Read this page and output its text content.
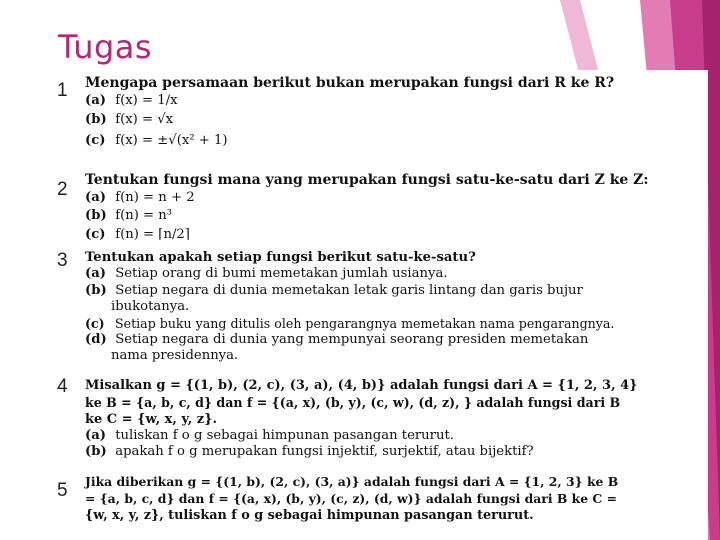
Tugas
1
2
3
4
5
Mengapa persamaan berikut bukan merupakan fungsi dari R ke R?
(a) f(x) = 1/x
(b) f(x) = √x
(c) f(x) = ±√(x² + 1)
Tentukan fungsi mana yang merupakan fungsi satu-ke-satu dari Z ke Z:
(a) f(n) = n + 2
(b) f(n) = n³
(c) f(n) = ⌈n/2⌉
Tentukan apakah setiap fungsi berikut satu-ke-satu?
(a) Setiap orang di bumi memetakan jumlah usianya.
(b) Setiap negara di dunia memetakan letak garis lintang dan garis bujur
ibukotanya.
(c) Setiap buku yang ditulis oleh pengarangnya memetakan nama pengarangnya.
(d) Setiap negara di dunia yang mempunyai seorang presiden memetakan
nama presidennya.
Misalkan g = {(1, b), (2, c), (3, a), (4, b)} adalah fungsi dari A = {1, 2, 3, 4}
ke B = {a, b, c, d} dan f = {(a, x), (b, y), (c, w), (d, z), } adalah fungsi dari B
ke C = {w, x, y, z}.
(a) tuliskan f ο g sebagai himpunan pasangan terurut.
(b) apakah f ο g merupakan fungsi injektif, surjektif, atau bijektif?
Jika diberikan g = {(1, b), (2, c), (3, a)} adalah fungsi dari A = {1, 2, 3} ke B
= {a, b, c, d} dan f = {(a, x), (b, y), (c, z), (d, w)} adalah fungsi dari B ke C =
{w, x, y, z}, tuliskan f ο g sebagai himpunan pasangan terurut.
